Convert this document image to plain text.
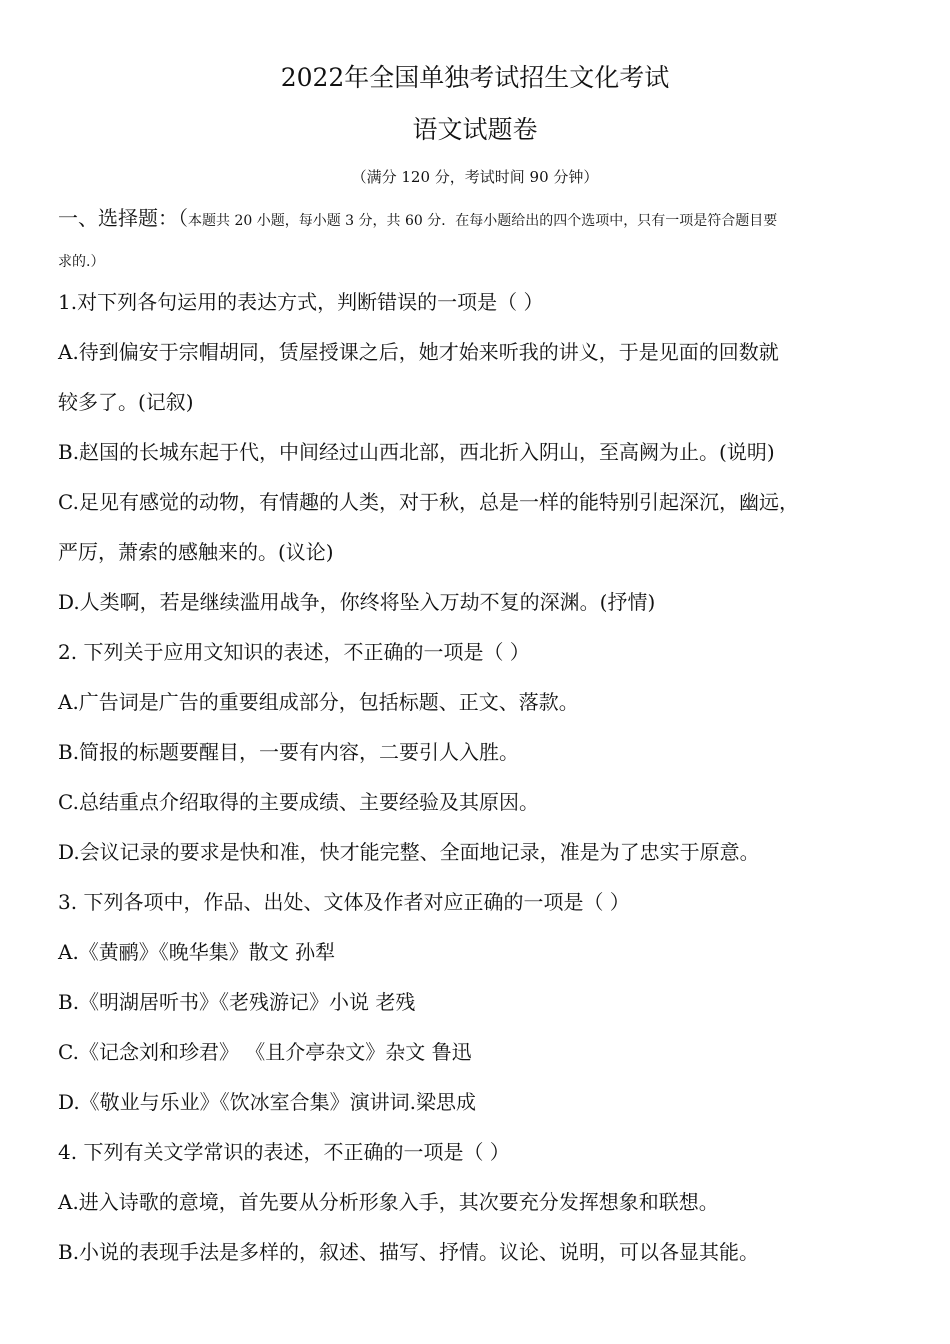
2022年全国单独考试招生文化考试
语文试题卷
（满分 120 分，考试时间 90 分钟）
一、选择题：（本题共 20 小题，每小题 3 分，共 60 分．在每小题给出的四个选项中，只有一项是符合题目要
求的.）
1.对下列各句运用的表达方式，判断错误的一项是（ ）
A.待到偏安于宗帽胡同，赁屋授课之后，她才始来听我的讲义，于是见面的回数就
较多了。(记叙)
B.赵国的长城东起于代，中间经过山西北部，西北折入阴山，至高阙为止。(说明)
C.足见有感觉的动物，有情趣的人类，对于秋，总是一样的能特别引起深沉，幽远，
严厉，萧索的感触来的。(议论)
D.人类啊，若是继续滥用战争，你终将坠入万劫不复的深渊。(抒情)
2. 下列关于应用文知识的表述，不正确的一项是（ ）
A.广告词是广告的重要组成部分，包括标题、正文、落款。
B.简报的标题要醒目，一要有内容，二要引人入胜。
C.总结重点介绍取得的主要成绩、主要经验及其原因。
D.会议记录的要求是快和准，快才能完整、全面地记录，准是为了忠实于原意。
3. 下列各项中，作品、出处、文体及作者对应正确的一项是（ ）
A.《黄鹂》《晚华集》散文 孙犁
B.《明湖居听书》《老残游记》小说 老残
C.《记念刘和珍君》 《且介亭杂文》杂文 鲁迅
D.《敬业与乐业》《饮冰室合集》演讲词.梁思成
4. 下列有关文学常识的表述，不正确的一项是（ ）
A.进入诗歌的意境，首先要从分析形象入手，其次要充分发挥想象和联想。
B.小说的表现手法是多样的，叙述、描写、抒情。议论、说明，可以各显其能。
